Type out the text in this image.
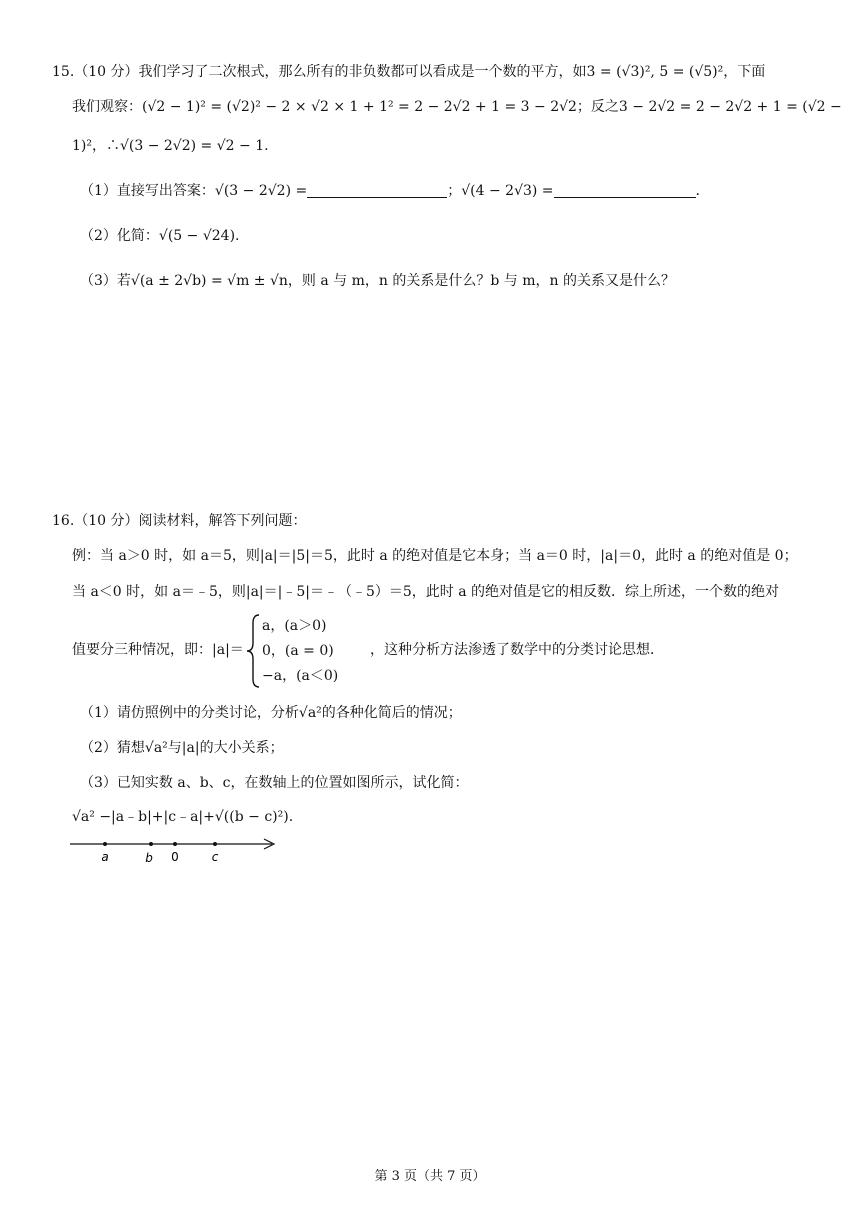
15.（10 分）我们学习了二次根式，那么所有的非负数都可以看成是一个数的平方，如3 = (√3)², 5 = (√5)²，下面
我们观察：(√2 − 1)² = (√2)² − 2 × √2 × 1 + 1² = 2 − 2√2 + 1 = 3 − 2√2；反之3 − 2√2 = 2 − 2√2 + 1 = (√2 −
1)²，∴√(3 − 2√2) = √2 − 1.
（1）直接写出答案：√(3 − 2√2) =	；√(4 − 2√3) =	.
（2）化简：√(5 − √24).
（3）若√(a ± 2√b) = √m ± √n，则 a 与 m，n 的关系是什么？b 与 m，n 的关系又是什么？
16.（10 分）阅读材料，解答下列问题：
例：当 a＞0 时，如 a＝5，则|a|＝|5|＝5，此时 a 的绝对值是它本身；当 a＝0 时，|a|＝0，此时 a 的绝对值是 0；
当 a＜0 时，如 a＝﹣5，则|a|＝|﹣5|＝﹣（﹣5）＝5，此时 a 的绝对值是它的相反数．综上所述，一个数的绝对
值要分三种情况，即：|a|＝
a，(a＞0)
0，(a = 0)
−a，(a＜0)
，这种分析方法渗透了数学中的分类讨论思想．
（1）请仿照例中的分类讨论，分析√a²的各种化简后的情况；
（2）猜想√a²与|a|的大小关系；
（3）已知实数 a、b、c，在数轴上的位置如图所示，试化简：
√a² −|a﹣b|+|c﹣a|+√((b − c)²).
a	b 0	c
第 3 页（共 7 页）
